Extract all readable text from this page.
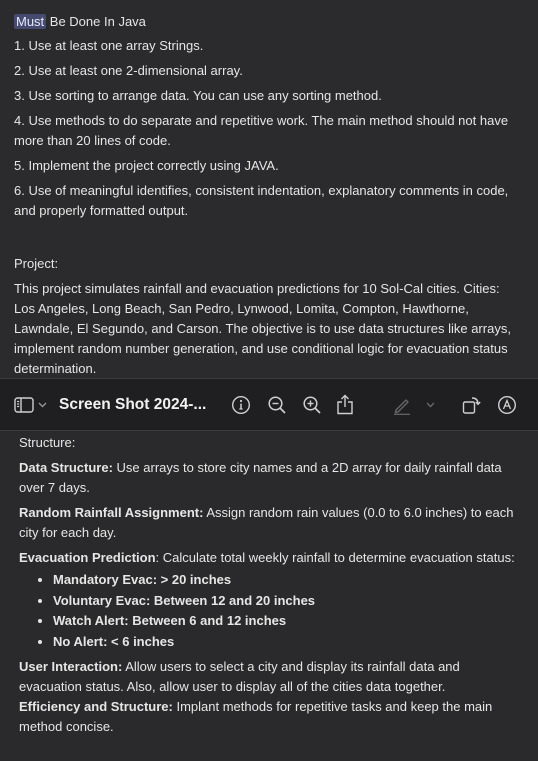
Must Be Done In Java

1. Use at least one array Strings.

2. Use at least one 2-dimensional array.

3. Use sorting to arrange data. You can use any sorting method.

4. Use methods to do separate and repetitive work. The main method should not have more than 20 lines of code.

5. Implement the project correctly using JAVA.

6. Use of meaningful identifies, consistent indentation, explanatory comments in code, and properly formatted output.

Project:

This project simulates rainfall and evacuation predictions for 10 Sol-Cal cities. Cities: Los Angeles, Long Beach, San Pedro, Lynwood, Lomita, Compton, Hawthorne, Lawndale, El Segundo, and Carson. The objective is to use data structures like arrays, implement random number generation, and use conditional logic for evacuation status determination.

Screen Shot 2024-...

Structure:

Data Structure: Use arrays to store city names and a 2D array for daily rainfall data over 7 days.

Random Rainfall Assignment: Assign random rain values (0.0 to 6.0 inches) to each city for each day.

Evacuation Prediction: Calculate total weekly rainfall to determine evacuation status:

• Mandatory Evac: > 20 inches
• Voluntary Evac: Between 12 and 20 inches
• Watch Alert: Between 6 and 12 inches
• No Alert: < 6 inches

User Interaction: Allow users to select a city and display its rainfall data and evacuation status. Also, allow user to display all of the cities data together.

Efficiency and Structure: Implant methods for repetitive tasks and keep the main method concise.
